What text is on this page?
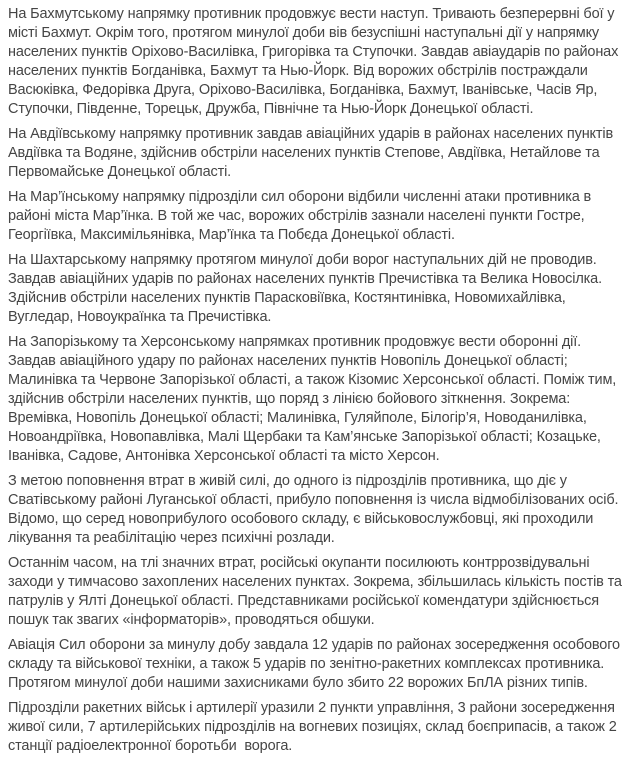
На Бахмутському напрямку противник продовжує вести наступ. Тривають безперервні бої у місті Бахмут. Окрім того, протягом минулої доби вів безуспішні наступальні дії у напрямку населених пунктів Оріхово-Василівка, Григорівка та Ступочки. Завдав авіаударів по районах населених пунктів Богданівка, Бахмут та Нью-Йорк. Від ворожих обстрілів постраждали Васюківка, Федорівка Друга, Оріхово-Василівка, Богданівка, Бахмут, Іванівське, Часів Яр, Ступочки, Південне, Торецьк, Дружба, Північне та Нью-Йорк Донецької області.

На Авдіївському напрямку противник завдав авіаційних ударів в районах населених пунктів Авдіївка та Водяне, здійснив обстріли населених пунктів Степове, Авдіївка, Нетайлове та Первомайське Донецької області.

На Мар’їнському напрямку підрозділи сил оборони відбили численні атаки противника в районі міста Мар’їнка. В той же час, ворожих обстрілів зазнали населені пункти Гостре, Георгіївка, Максимільянівка, Мар’їнка та Побєда Донецької області.

На Шахтарському напрямку протягом минулої доби ворог наступальних дій не проводив. Завдав авіаційних ударів по районах населених пунктів Пречистівка та Велика Новосілка. Здійснив обстріли населених пунктів Парасковіївка, Костянтинівка, Новомихайлівка, Вугледар, Новоукраїнка та Пречистівка.

На Запорізькому та Херсонському напрямках противник продовжує вести оборонні дії. Завдав авіаційного удару по районах населених пунктів Новопіль Донецької області; Малинівка та Червоне Запорізької області, а також Кізомис Херсонської області. Поміж тим, здійснив обстріли населених пунктів, що поряд з лінією бойового зіткнення. Зокрема: Времівка, Новопіль Донецької області; Малинівка, Гуляйполе, Білогір’я, Новоданилівка, Новоандріївка, Новопавлівка, Малі Щербаки та Кам’янське Запорізької області; Козацьке, Іванівка, Садове, Антонівка Херсонської області та місто Херсон.

З метою поповнення втрат в живій силі, до одного із підрозділів противника, що діє у Сватівському районі Луганської області, прибуло поповнення із числа відмобілізованих осіб. Відомо, що серед новоприбулого особового складу, є військовослужбовці, які проходили лікування та реабілітацію через психічні розлади.

Останнім часом, на тлі значних втрат, російські окупанти посилюють контррозвідувальні заходи у тимчасово захоплених населених пунктах. Зокрема, збільшилась кількість постів та патрулів у Ялті Донецької області. Представниками російської комендатури здійснюється пошук так звагих «інформаторів», проводяться обшуки.

Авіація Сил оборони за минулу добу завдала 12 ударів по районах зосередження особового складу та військової техніки, а також 5 ударів по зенітно-ракетних комплексах противника. Протягом минулої доби нашими захисниками було збито 22 ворожих БпЛА різних типів.

Підрозділи ракетних військ і артилерії уразили 2 пункти управління, 3 райони зосередження живої сили, 7 артилерійських підрозділів на вогневих позиціях, склад боєприпасів, а також 2 станції радіоелектронної боротьби  ворога.
